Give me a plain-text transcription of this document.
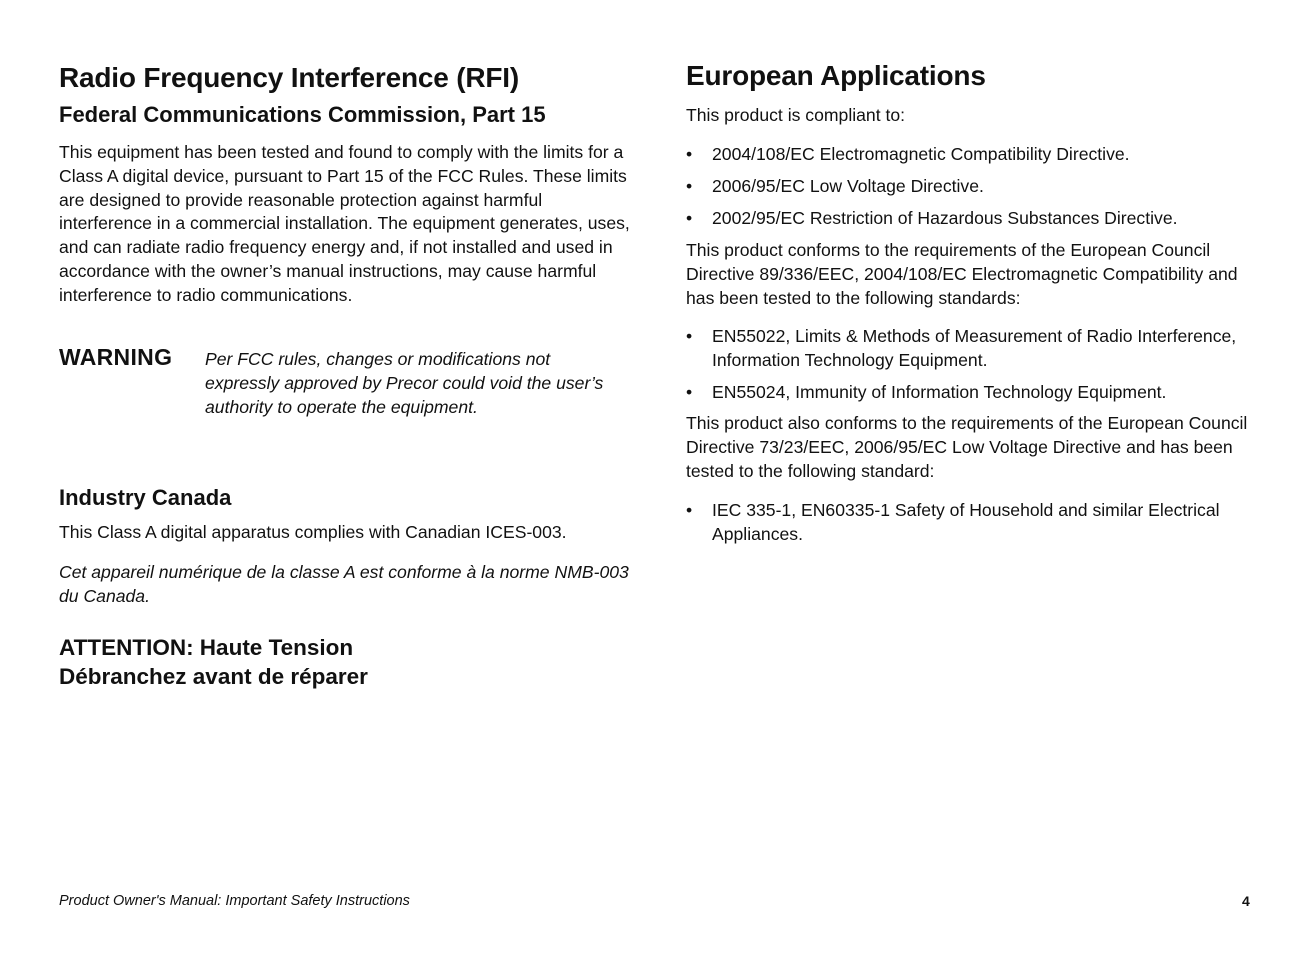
Radio Frequency Interference (RFI)
Federal Communications Commission, Part 15
This equipment has been tested and found to comply with the limits for a Class A digital device, pursuant to Part 15 of the FCC Rules. These limits are designed to provide reasonable protection against harmful interference in a commercial installation. The equipment generates, uses, and can radiate radio frequency energy and, if not installed and used in accordance with the owner’s manual instructions, may cause harmful interference to radio communications.
WARNING Per FCC rules, changes or modifications not expressly approved by Precor could void the user’s authority to operate the equipment.
Industry Canada
This Class A digital apparatus complies with Canadian ICES-003.
Cet appareil numérique de la classe A est conforme à la norme NMB-003 du Canada.
ATTENTION: Haute Tension
Débranchez avant de réparer
European Applications
This product is compliant to:
• 2004/108/EC Electromagnetic Compatibility Directive.
• 2006/95/EC Low Voltage Directive.
• 2002/95/EC Restriction of Hazardous Substances Directive.
This product conforms to the requirements of the European Council Directive 89/336/EEC, 2004/108/EC Electromagnetic Compatibility and has been tested to the following standards:
• EN55022, Limits & Methods of Measurement of Radio Interference, Information Technology Equipment.
• EN55024, Immunity of Information Technology Equipment.
This product also conforms to the requirements of the European Council Directive 73/23/EEC, 2006/95/EC Low Voltage Directive and has been tested to the following standard:
• IEC 335-1, EN60335-1 Safety of Household and similar Electrical Appliances.
Product Owner's Manual: Important Safety Instructions	4
